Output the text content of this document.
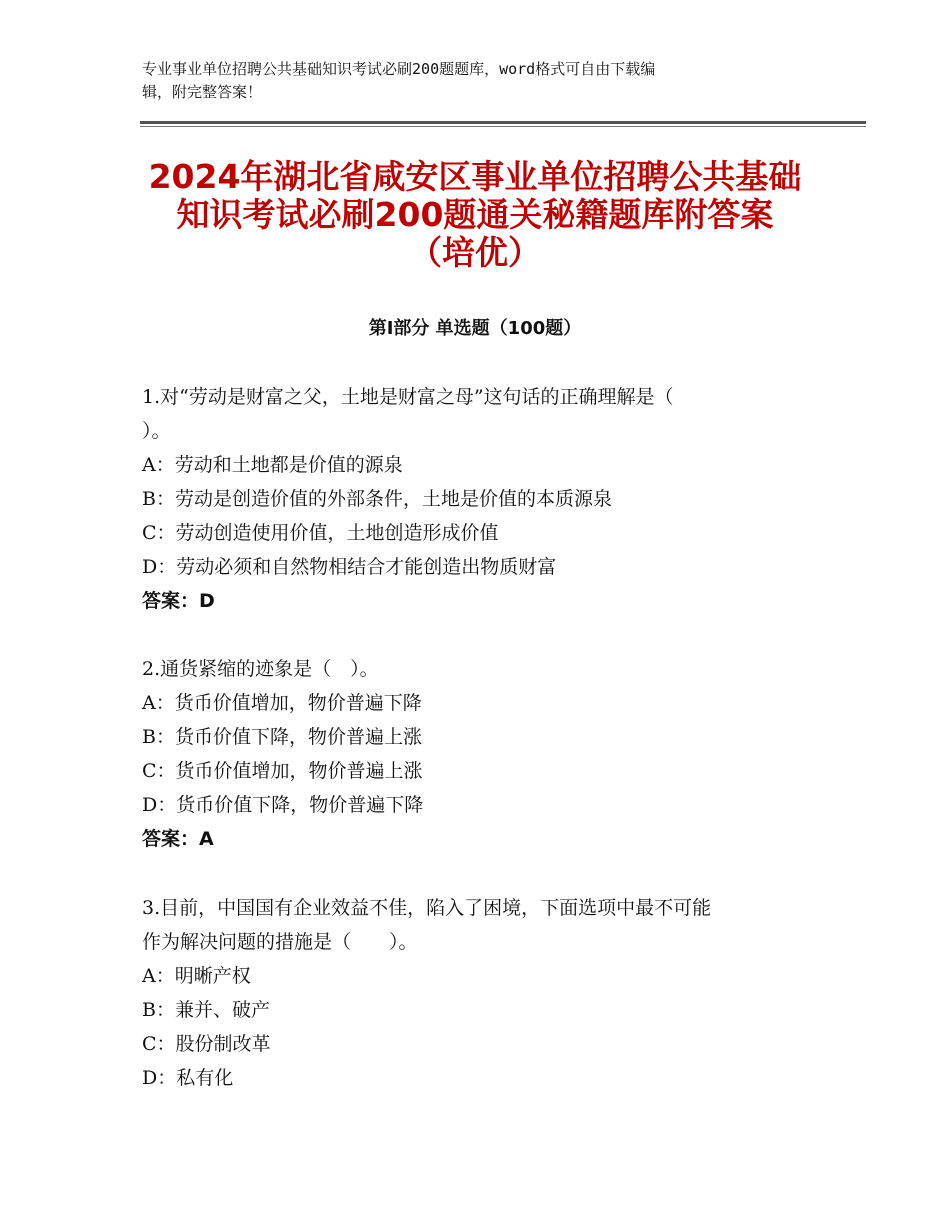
专业事业单位招聘公共基础知识考试必刷200题题库，word格式可自由下载编
辑，附完整答案！
2024年湖北省咸安区事业单位招聘公共基础
知识考试必刷200题通关秘籍题库附答案
（培优）
第Ⅰ部分 单选题（100题）
1.对“劳动是财富之父，土地是财富之母”这句话的正确理解是（
）。
A：劳动和土地都是价值的源泉
B：劳动是创造价值的外部条件，土地是价值的本质源泉
C：劳动创造使用价值，土地创造形成价值
D：劳动必须和自然物相结合才能创造出物质财富
答案：D
2.通货紧缩的迹象是（　）。
A：货币价值增加，物价普遍下降
B：货币价值下降，物价普遍上涨
C：货币价值增加，物价普遍上涨
D：货币价值下降，物价普遍下降
答案：A
3.目前，中国国有企业效益不佳，陷入了困境，下面选项中最不可能
作为解决问题的措施是（　　）。
A：明晰产权
B：兼并、破产
C：股份制改革
D：私有化
